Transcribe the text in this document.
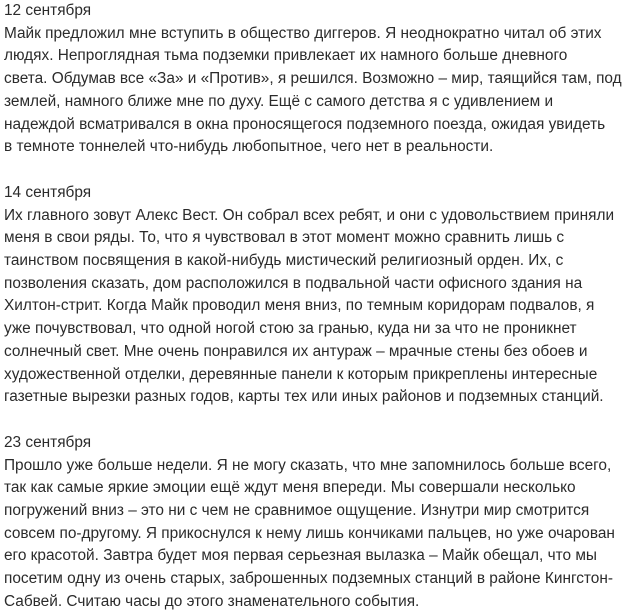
12 сентября

Майк предложил мне вступить в общество диггеров. Я неоднократно читал об этих
людях. Непроглядная тьма подземки привлекает их намного больше дневного
света. Обдумав все «За» и «Против», я решился. Возможно – мир, таящийся там, под
землей, намного ближе мне по духу. Ещё с самого детства я с удивлением и
надеждой всматривался в окна проносящегося подземного поезда, ожидая увидеть
в темноте тоннелей что-нибудь любопытное, чего нет в реальности.

14 сентября

Их главного зовут Алекс Вест. Он собрал всех ребят, и они с удовольствием приняли
меня в свои ряды. То, что я чувствовал в этот момент можно сравнить лишь с
таинством посвящения в какой-нибудь мистический религиозный орден. Их, с
позволения сказать, дом расположился в подвальной части офисного здания на
Хилтон-стрит. Когда Майк проводил меня вниз, по темным коридорам подвалов, я
уже почувствовал, что одной ногой стою за гранью, куда ни за что не проникнет
солнечный свет. Мне очень понравился их антураж – мрачные стены без обоев и
художественной отделки, деревянные панели к которым прикреплены интересные
газетные вырезки разных годов, карты тех или иных районов и подземных станций.

23 сентября

Прошло уже больше недели. Я не могу сказать, что мне запомнилось больше всего,
так как самые яркие эмоции ещё ждут меня впереди. Мы совершали несколько
погружений вниз – это ни с чем не сравнимое ощущение. Изнутри мир смотрится
совсем по-другому. Я прикоснулся к нему лишь кончиками пальцев, но уже очарован
его красотой. Завтра будет моя первая серьезная вылазка – Майк обещал, что мы
посетим одну из очень старых, заброшенных подземных станций в районе Кингстон-
Сабвей. Считаю часы до этого знаменательного события.
